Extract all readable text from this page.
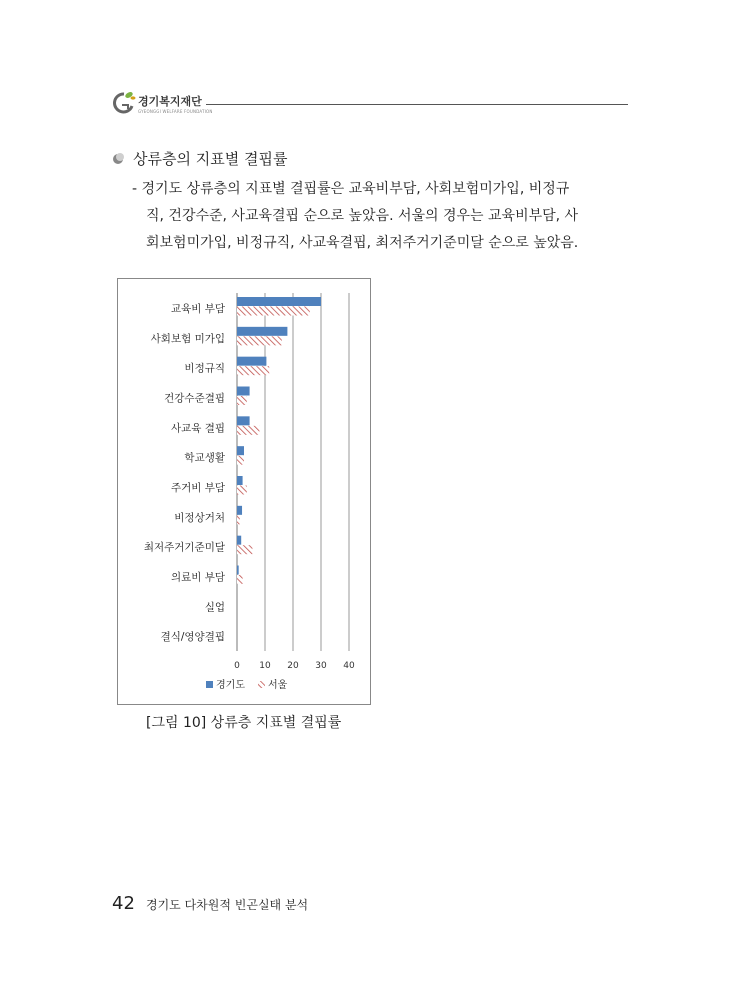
경기복지재단
GYEONGGI WELFARE FOUNDATION
상류층의 지표별 결핍률
- 경기도 상류층의 지표별 결핍률은 교육비부담, 사회보험미가입, 비정규
직, 건강수준, 사교육결핍 순으로 높았음. 서울의 경우는 교육비부담, 사
회보험미가입, 비정규직, 사교육결핍, 최저주거기준미달 순으로 높았음.
0 10 20 30 40
교육비 부담
사회보험 미가입
비정규직
건강수준결핍
사교육 결핍
학교생활
주거비 부담
비정상거처
최저주거기준미달
의료비 부담
실업
결식/영양결핍
경기도 서울
[그림 10] 상류층 지표별 결핍률
42 경기도 다차원적 빈곤실태 분석
